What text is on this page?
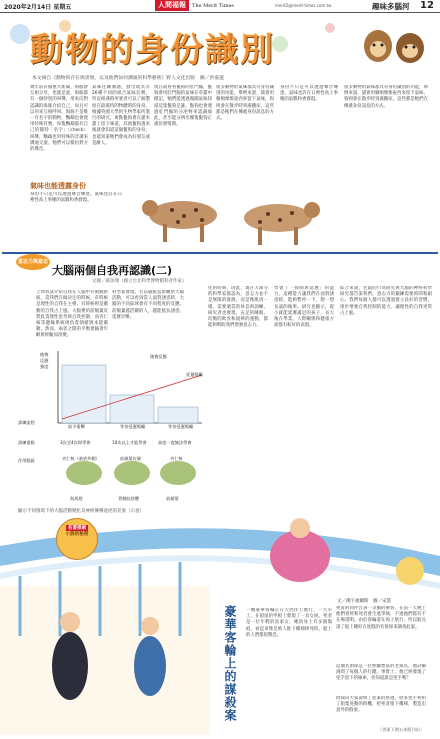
2020年2月14日 星期五	人間福報	The Merit Times	merit2@merit-times.com.tw	趣味多腦河 12
動物的身份識別
本文摘自《動物的存在與虐無，以及他們如何溝通的科學藝術》野人文化出版　圖／洪嘉運
幾年前有個重大新聞，海豚會互相分享，也就是說，海豚都有一個特別的叫聲，用來向對認識的海豚介紹自己，而且可以用來互相呼叫。海豚不是唯一有名字的動物，鸚鵡也會使用特殊符號，每隻鸚鵡都有自己的獨特「名字」（check）叫聲，鸚鵡也用特殊的音調來溝通交流，牠們可以模仿對方的聲音。
氣味往關溝通，發出既具有26種不同的組合氣味信號，所以相遇時所要者可以了解製原在最處特的物體時的身份。根據英國大學的生物學家所進行的研究，斑點鬣狗會在灌木叢上留下味道，其他鬣狗過來後就會知道這個鬣狗的身份，也能知道牠們會成為好朋友或是敵人。
現在就看看鬣狗的肛門腺，鬣狗會用肛門腺的氣味在草叢中標記，牠們能透過嗅聞氣味知道這隻鬣狗是誰。鬣狗也會透過肛門腺的分泌物來認識彼此，甚至能分辨出哪隻鬣狗正處於發情期。
很多動物的氣味都具有身份識別的功能，舉例來說，貓會用臉頰摩擦東西來留下氣味，狗則會在散步時到處撒尿，這些都是牠們在傳遞身份訊息的方式。
身份不只是可以透過聲音傳達。氣味也許在日裡性高上事她的氣數和香發現。
很多動物的氣味都具有身份識別的功能，舉例來說，貓會用臉頰摩擦東西來留下氣味，狗則會在散步時到處撒尿，這些都是牠們在傳遞身份訊息的方式。
氣味也能透露身份
身份不只是可以透過聲音傳達。氣味也許在日裡性高上事她的氣數和香發現。
意志力與意志力
大腦兩個自我再認識(二)
文圖／黃詠翔（國立台北科學博物館科普作家）
上周曾談介紹自我在人腦中有兩個系統，當我們在做決定的時候，有時候是理性的自我在主導，有時候則是衝動的自我占上風。大腦裡的前額葉皮質負責理性思考與自我控制，而杏仁核等邊緣系統則負責情緒與本能衝動。然而，兩者之間的平衡會隨著年齡與經驗而改變。
科學家發現，若以磁振造影觀察大腦活動，可以看到當人面對誘惑時，大腦的不同區域會有不同程度的反應。前額葉越活躍的人，越能抵抗誘惑，延遲享樂。
化的時刻，因此，現在大部分的科學家都認為，意志力並不是無限的資源，而是像肌肉一樣，需要適當的休息與訓練。研究者也發現，充足的睡眠、均衡的飲食和規律的運動，都能夠幫助我們增強意志力。
學會了「抑制與延遲」的能力，這種能力讓我們在面對誘惑時，能夠暫停一下，想一想長遠的後果。研究也顯示，從小就能延遲滿足的孩子，長大後在學業、人際關係和健康方面都有較好的表現。
綜合來說，老鼠的行為研究與大腦的神經科學研究都告訴我們，意志力的鍛鍊需要時間和耐心。我們每個人都可以透過建立良好的習慣，逐步增強自我控制的能力，讓理性的自我更常占上風。
後悔反應強度
後悔反應
延遲獎勵
訓練流程
訓練重點
作用腦區
給予電擊	等待延遲獎勵	等待延遲獎勵
3次至4次即學會	10次以上才能學會	高度一度無法學會
杏仁核（基底外側）	前額葉皮層	杏仁核
海馬迴	背側紋狀體	前額葉
顯示不同情境下的大腦活動變化及神經傳導途徑的差異（示意）
名著探索
小說的秘密
豪華客輪上的謀殺案
文／漢宇福爾斯　圖／宋慧
一艘豪華客輪正在大西洋上航行，一天早上，在船尾的甲板上發現了一具女屍。死者是一位年輕的富家女，她的身上有多處傷痕，看起來像是被人推下樓梯摔死的。船上的人們都很驚恐。
死者的同伴告訴一等艙的乘客，在前一天晚上他們曾經和死者發生過爭執，不過他們都有不在場證明。由於客輪還在海上航行，所以船長請了船上剛好在度假的名偵探來調查此案。
這個名偵探是一位經驗豐富的老探長，他詳細詢問了每個人的行蹤。事實上，他已經發現了兇手留下的線索，你知道誰是兇手嗎？
偵探向大家說明了犯案的經過，原來兇手利用了船隻晃動的時機，把死者推下樓梯，製造出意外的假象。
（答案下期五本版刊出）
